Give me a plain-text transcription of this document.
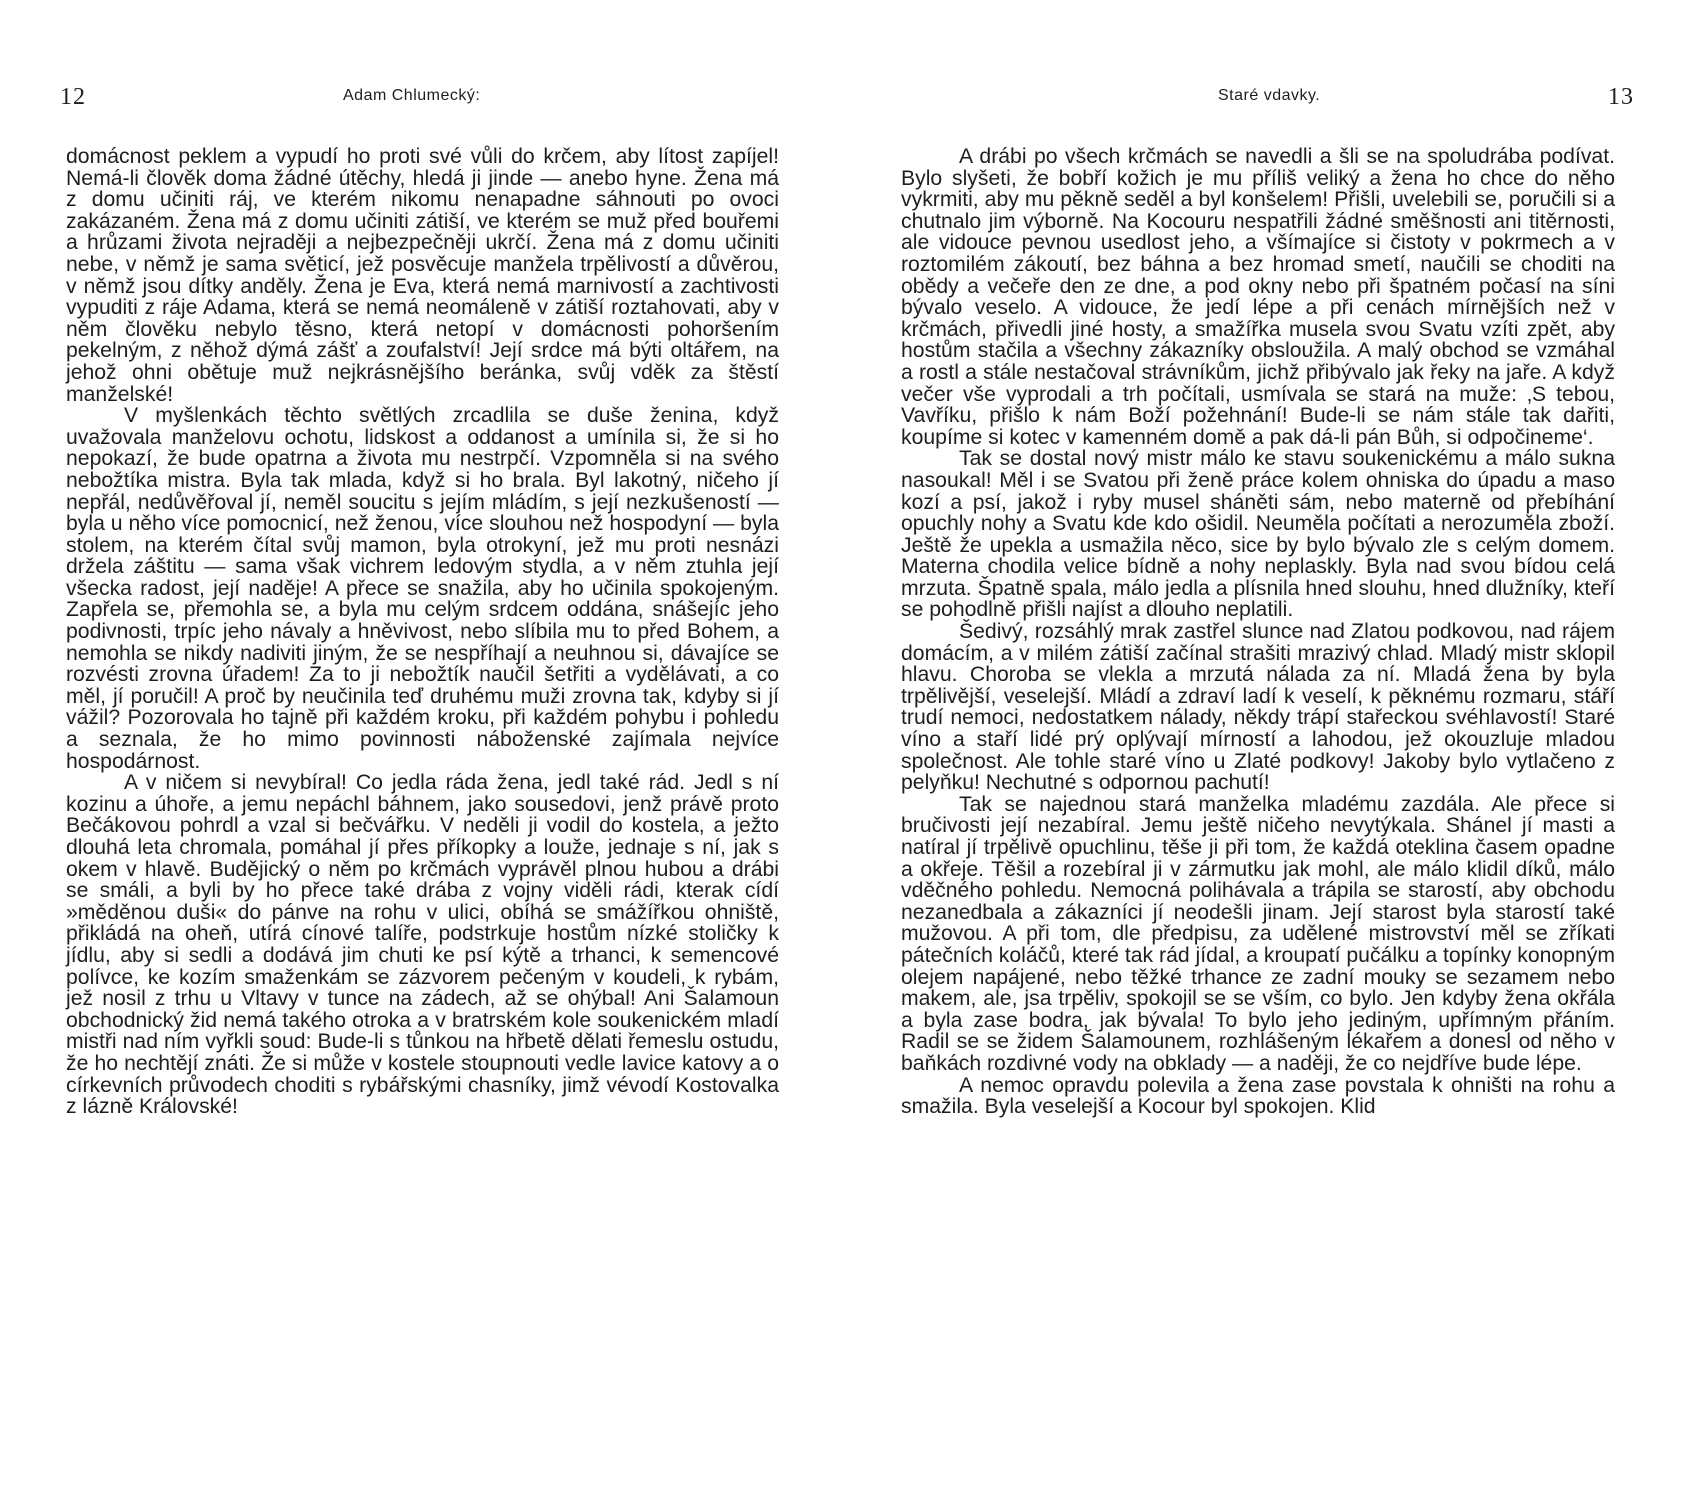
12	Adam Chlumecký:

domácnost peklem a vypudí ho proti své vůli do krčem, aby lítost zapíjel! Nemá-li člověk doma žádné útěchy, hledá ji jinde — anebo hyne. Žena má z domu učiniti ráj, ve kterém nikomu nenapadne sáhnouti po ovoci zakázaném. Žena má z domu učiniti zátiší, ve kterém se muž před bouřemi a hrůzami života nejraději a nejbezpečněji ukrčí. Žena má z domu učiniti nebe, v němž je sama světicí, jež posvěcuje manžela trpělivostí a důvěrou, v němž jsou dítky anděly. Žena je Eva, která nemá marnivostí a zachtivosti vypuditi z ráje Adama, která se nemá neomáleně v zátiší roztahovati, aby v něm člověku nebylo těsno, která netopí v domácnosti pohoršením pekelným, z něhož dýmá zášť a zoufalství! Její srdce má býti oltářem, na jehož ohni obětuje muž nejkrásnějšího beránka, svůj vděk za štěstí manželské!

V myšlenkách těchto světlých zrcadlila se duše ženina, když uvažovala manželovu ochotu, lidskost a oddanost a umínila si, že si ho nepokazí, že bude opatrna a života mu nestrpčí. Vzpomněla si na svého nebožtíka mistra. Byla tak mlada, když si ho brala. Byl lakotný, ničeho jí nepřál, nedůvěřoval jí, neměl soucitu s jejím mládím, s její nezkušeností — byla u něho více pomocnicí, než ženou, více slouhou než hospodyní — byla stolem, na kterém čítal svůj mamon, byla otrokyní, jež mu proti nesnázi držela záštitu — sama však vichrem ledovým stydla, a v něm ztuhla její všecka radost, její naděje! A přece se snažila, aby ho učinila spokojeným. Zapřela se, přemohla se, a byla mu celým srdcem oddána, snášejíc jeho podivnosti, trpíc jeho návaly a hněvivost, nebo slíbila mu to před Bohem, a nemohla se nikdy nadiviti jiným, že se nespříhají a neuhnou si, dávajíce se rozvésti zrovna úřadem! Za to ji nebožtík naučil šetřiti a vydělávati, a co měl, jí poručil! A proč by neučinila teď druhému muži zrovna tak, kdyby si jí vážil? Pozorovala ho tajně při každém kroku, při každém pohybu i pohledu a seznala, že ho mimo povinnosti náboženské zajímala nejvíce hospodárnost.

A v ničem si nevybíral! Co jedla ráda žena, jedl také rád. Jedl s ní kozinu a úhoře, a jemu nepáchl báhnem, jako sousedovi, jenž právě proto Bečákovou pohrdl a vzal si bečvářku. V neděli ji vodil do kostela, a ježto dlouhá leta chromala, pomáhal jí přes příkopky a louže, jednaje s ní, jak s okem v hlavě. Budějický o něm po krčmách vyprávěl plnou hubou a drábi se smáli, a byli by ho přece také drába z vojny viděli rádi, kterak cídí »měděnou duši« do pánve na rohu v ulici, obíhá se smážířkou ohniště, přikládá na oheň, utírá cínové talíře, podstrkuje hostům nízké stoličky k jídlu, aby si sedli a dodává jim chuti ke psí kýtě a trhanci, k semencové polívce, ke kozím smaženkám se zázvorem pečeným v koudeli, k rybám, jež nosil z trhu u Vltavy v tunce na zádech, až se ohýbal! Ani Šalamoun obchodnický žid nemá takého otroka a v bratrském kole soukenickém mladí mistři nad ním vyřkli soud: Bude-li s tůnkou na hřbetě dělati řemeslu ostudu, že ho nechtějí znáti. Že si může v kostele stoupnouti vedle lavice katovy a o církevních průvodech choditi s rybářskými chasníky, jimž vévodí Kostovalka z lázně Královské!

Staré vdavky.	13

A drábi po všech krčmách se navedli a šli se na spoludrába podívat. Bylo slyšeti, že bobří kožich je mu příliš veliký a žena ho chce do něho vykrmiti, aby mu pěkně seděl a byl konšelem! Přišli, uvelebili se, poručili si a chutnalo jim výborně. Na Kocouru nespatřili žádné směšnosti ani titěrnosti, ale vidouce pevnou usedlost jeho, a všímajíce si čistoty v pokrmech a v roztomilém zákoutí, bez báhna a bez hromad smetí, naučili se choditi na obědy a večeře den ze dne, a pod okny nebo při špatném počasí na síni bývalo veselo. A vidouce, že jedí lépe a při cenách mírnějších než v krčmách, přivedli jiné hosty, a smažířka musela svou Svatu vzíti zpět, aby hostům stačila a všechny zákazníky obsloužila. A malý obchod se vzmáhal a rostl a stále nestačoval strávníkům, jichž přibývalo jak řeky na jaře. A když večer vše vyprodali a trh počítali, usmívala se stará na muže: ‚S tebou, Vavříku, přišlo k nám Boží požehnání! Bude-li se nám stále tak dařiti, koupíme si kotec v kamenném domě a pak dá-li pán Bůh, si odpočineme‘.

Tak se dostal nový mistr málo ke stavu soukenickému a málo sukna nasoukal! Měl i se Svatou při ženě práce kolem ohniska do úpadu a maso kozí a psí, jakož i ryby musel sháněti sám, nebo materně od přebíhání opuchly nohy a Svatu kde kdo ošidil. Neuměla počítati a nerozuměla zboží. Ještě že upekla a usmažila něco, sice by bylo bývalo zle s celým domem. Materna chodila velice bídně a nohy neplaskly. Byla nad svou bídou celá mrzuta. Špatně spala, málo jedla a plísnila hned slouhu, hned dlužníky, kteří se pohodlně přišli najíst a dlouho neplatili.

Šedivý, rozsáhlý mrak zastřel slunce nad Zlatou podkovou, nad rájem domácím, a v milém zátiší začínal strašiti mrazivý chlad. Mladý mistr sklopil hlavu. Choroba se vlekla a mrzutá nálada za ní. Mladá žena by byla trpělivější, veselejší. Mládí a zdraví ladí k veselí, k pěknému rozmaru, stáří trudí nemoci, nedostatkem nálady, někdy trápí stařeckou svéhlavostí! Staré víno a staří lidé prý oplývají mírností a lahodou, jež okouzluje mladou společnost. Ale tohle staré víno u Zlaté podkovy! Jakoby bylo vytlačeno z pelyňku! Nechutné s odpornou pachutí!

Tak se najednou stará manželka mladému zazdála. Ale přece si bručivosti její nezabíral. Jemu ještě ničeho nevytýkala. Shánel jí masti a natíral jí trpělivě opuchlinu, těše ji při tom, že každá oteklina časem opadne a okřeje. Těšil a rozebíral ji v zármutku jak mohl, ale málo klidil díků, málo vděčného pohledu. Nemocná polihávala a trápila se starostí, aby obchodu nezanedbala a zákazníci jí neodešli jinam. Její starost byla starostí také mužovou. A při tom, dle předpisu, za udělené mistrovství měl se zříkati pátečních koláčů, které tak rád jídal, a kroupatí pučálku a topínky konopným olejem napájené, nebo těžké trhance ze zadní mouky se sezamem nebo makem, ale, jsa trpěliv, spokojil se se vším, co bylo. Jen kdyby žena okřála a byla zase bodra, jak bývala! To bylo jeho jediným, upřímným přáním. Radil se se židem Šalamounem, rozhlášeným lékařem a donesl od něho v baňkách rozdivné vody na obklady — a naději, že co nejdříve bude lépe.

A nemoc opravdu polevila a žena zase povstala k ohništi na rohu a smažila. Byla veselejší a Kocour byl spokojen. Klid
